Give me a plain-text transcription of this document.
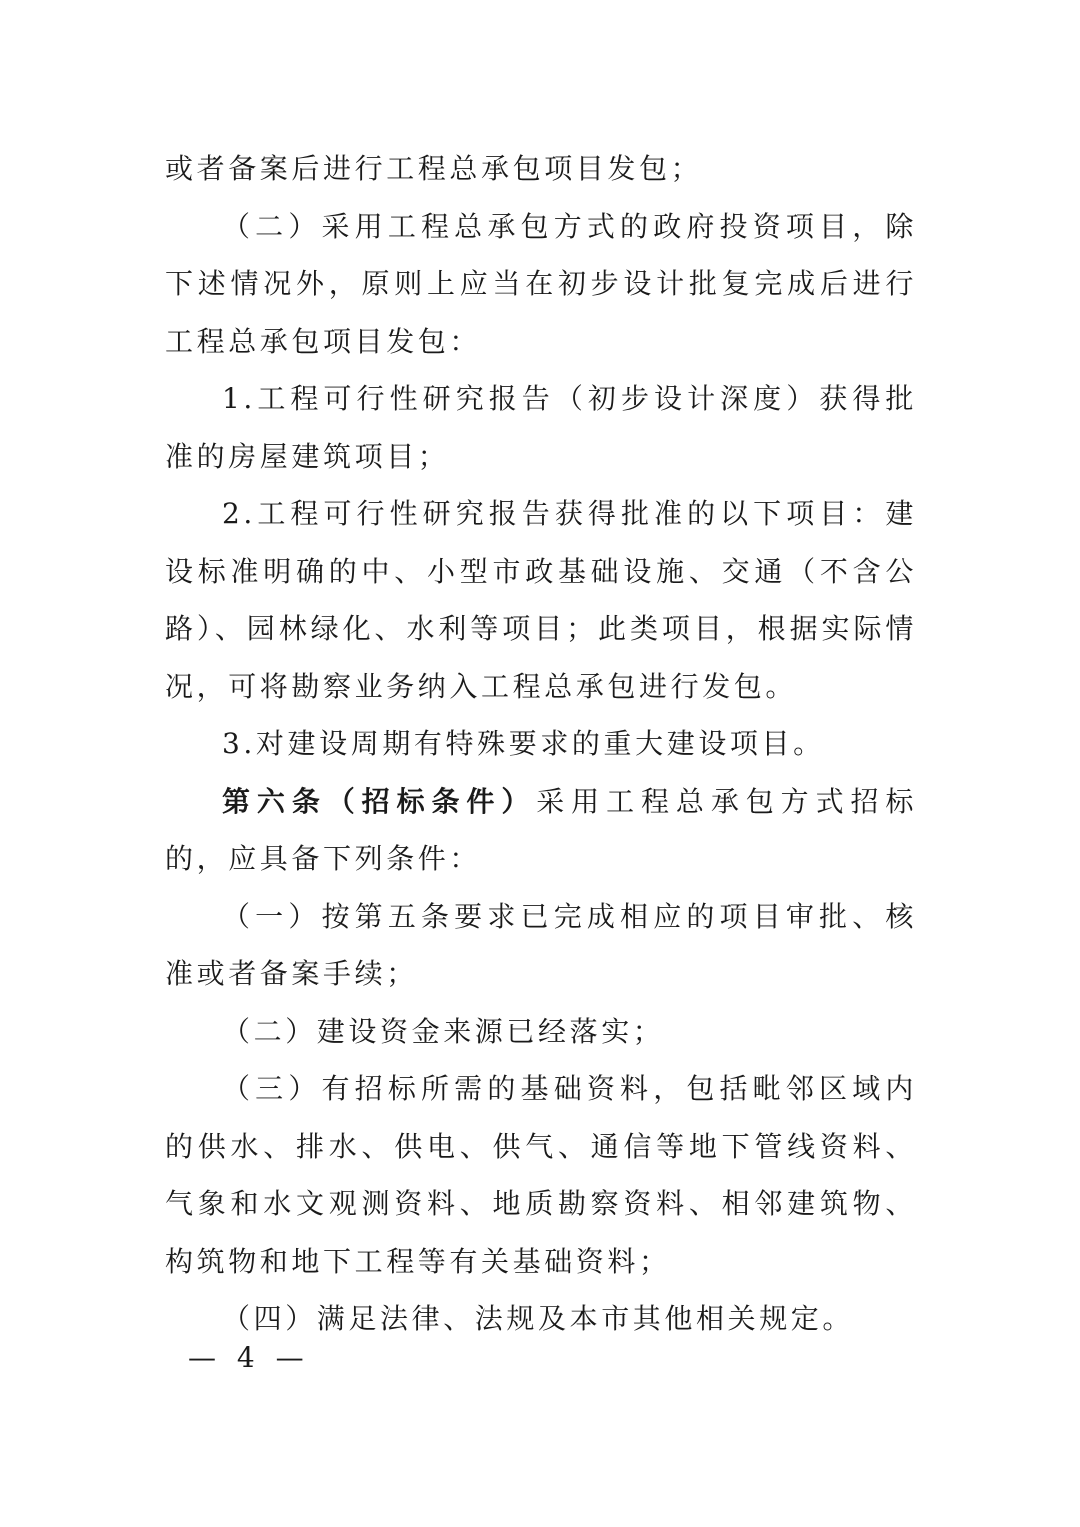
或者备案后进行工程总承包项目发包；

（二）采用工程总承包方式的政府投资项目，除下述情况外，原则上应当在初步设计批复完成后进行工程总承包项目发包：

1.工程可行性研究报告（初步设计深度）获得批准的房屋建筑项目；

2.工程可行性研究报告获得批准的以下项目：建设标准明确的中、小型市政基础设施、交通（不含公路）、园林绿化、水利等项目；此类项目，根据实际情况，可将勘察业务纳入工程总承包进行发包。

3.对建设周期有特殊要求的重大建设项目。

第六条（招标条件）采用工程总承包方式招标的，应具备下列条件：

（一）按第五条要求已完成相应的项目审批、核准或者备案手续；

（二）建设资金来源已经落实；

（三）有招标所需的基础资料，包括毗邻区域内的供水、排水、供电、供气、通信等地下管线资料、气象和水文观测资料、地质勘察资料、相邻建筑物、构筑物和地下工程等有关基础资料；

（四）满足法律、法规及本市其他相关规定。

— 4 —
